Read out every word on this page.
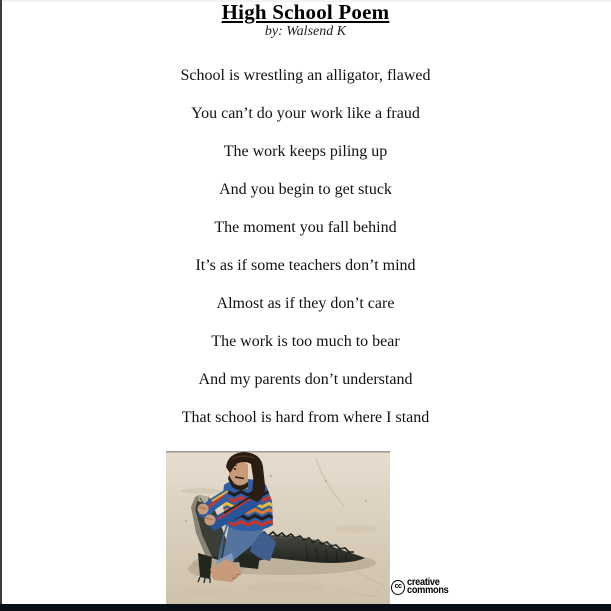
High School Poem
by: Walsend K
School is wrestling an alligator, flawed
You can’t do your work like a fraud
The work keeps piling up
And you begin to get stuck
The moment you fall behind
It’s as if some teachers don’t mind
Almost as if they don’t care
The work is too much to bear
And my parents don’t understand
That school is hard from where I stand
cc creative
commons
